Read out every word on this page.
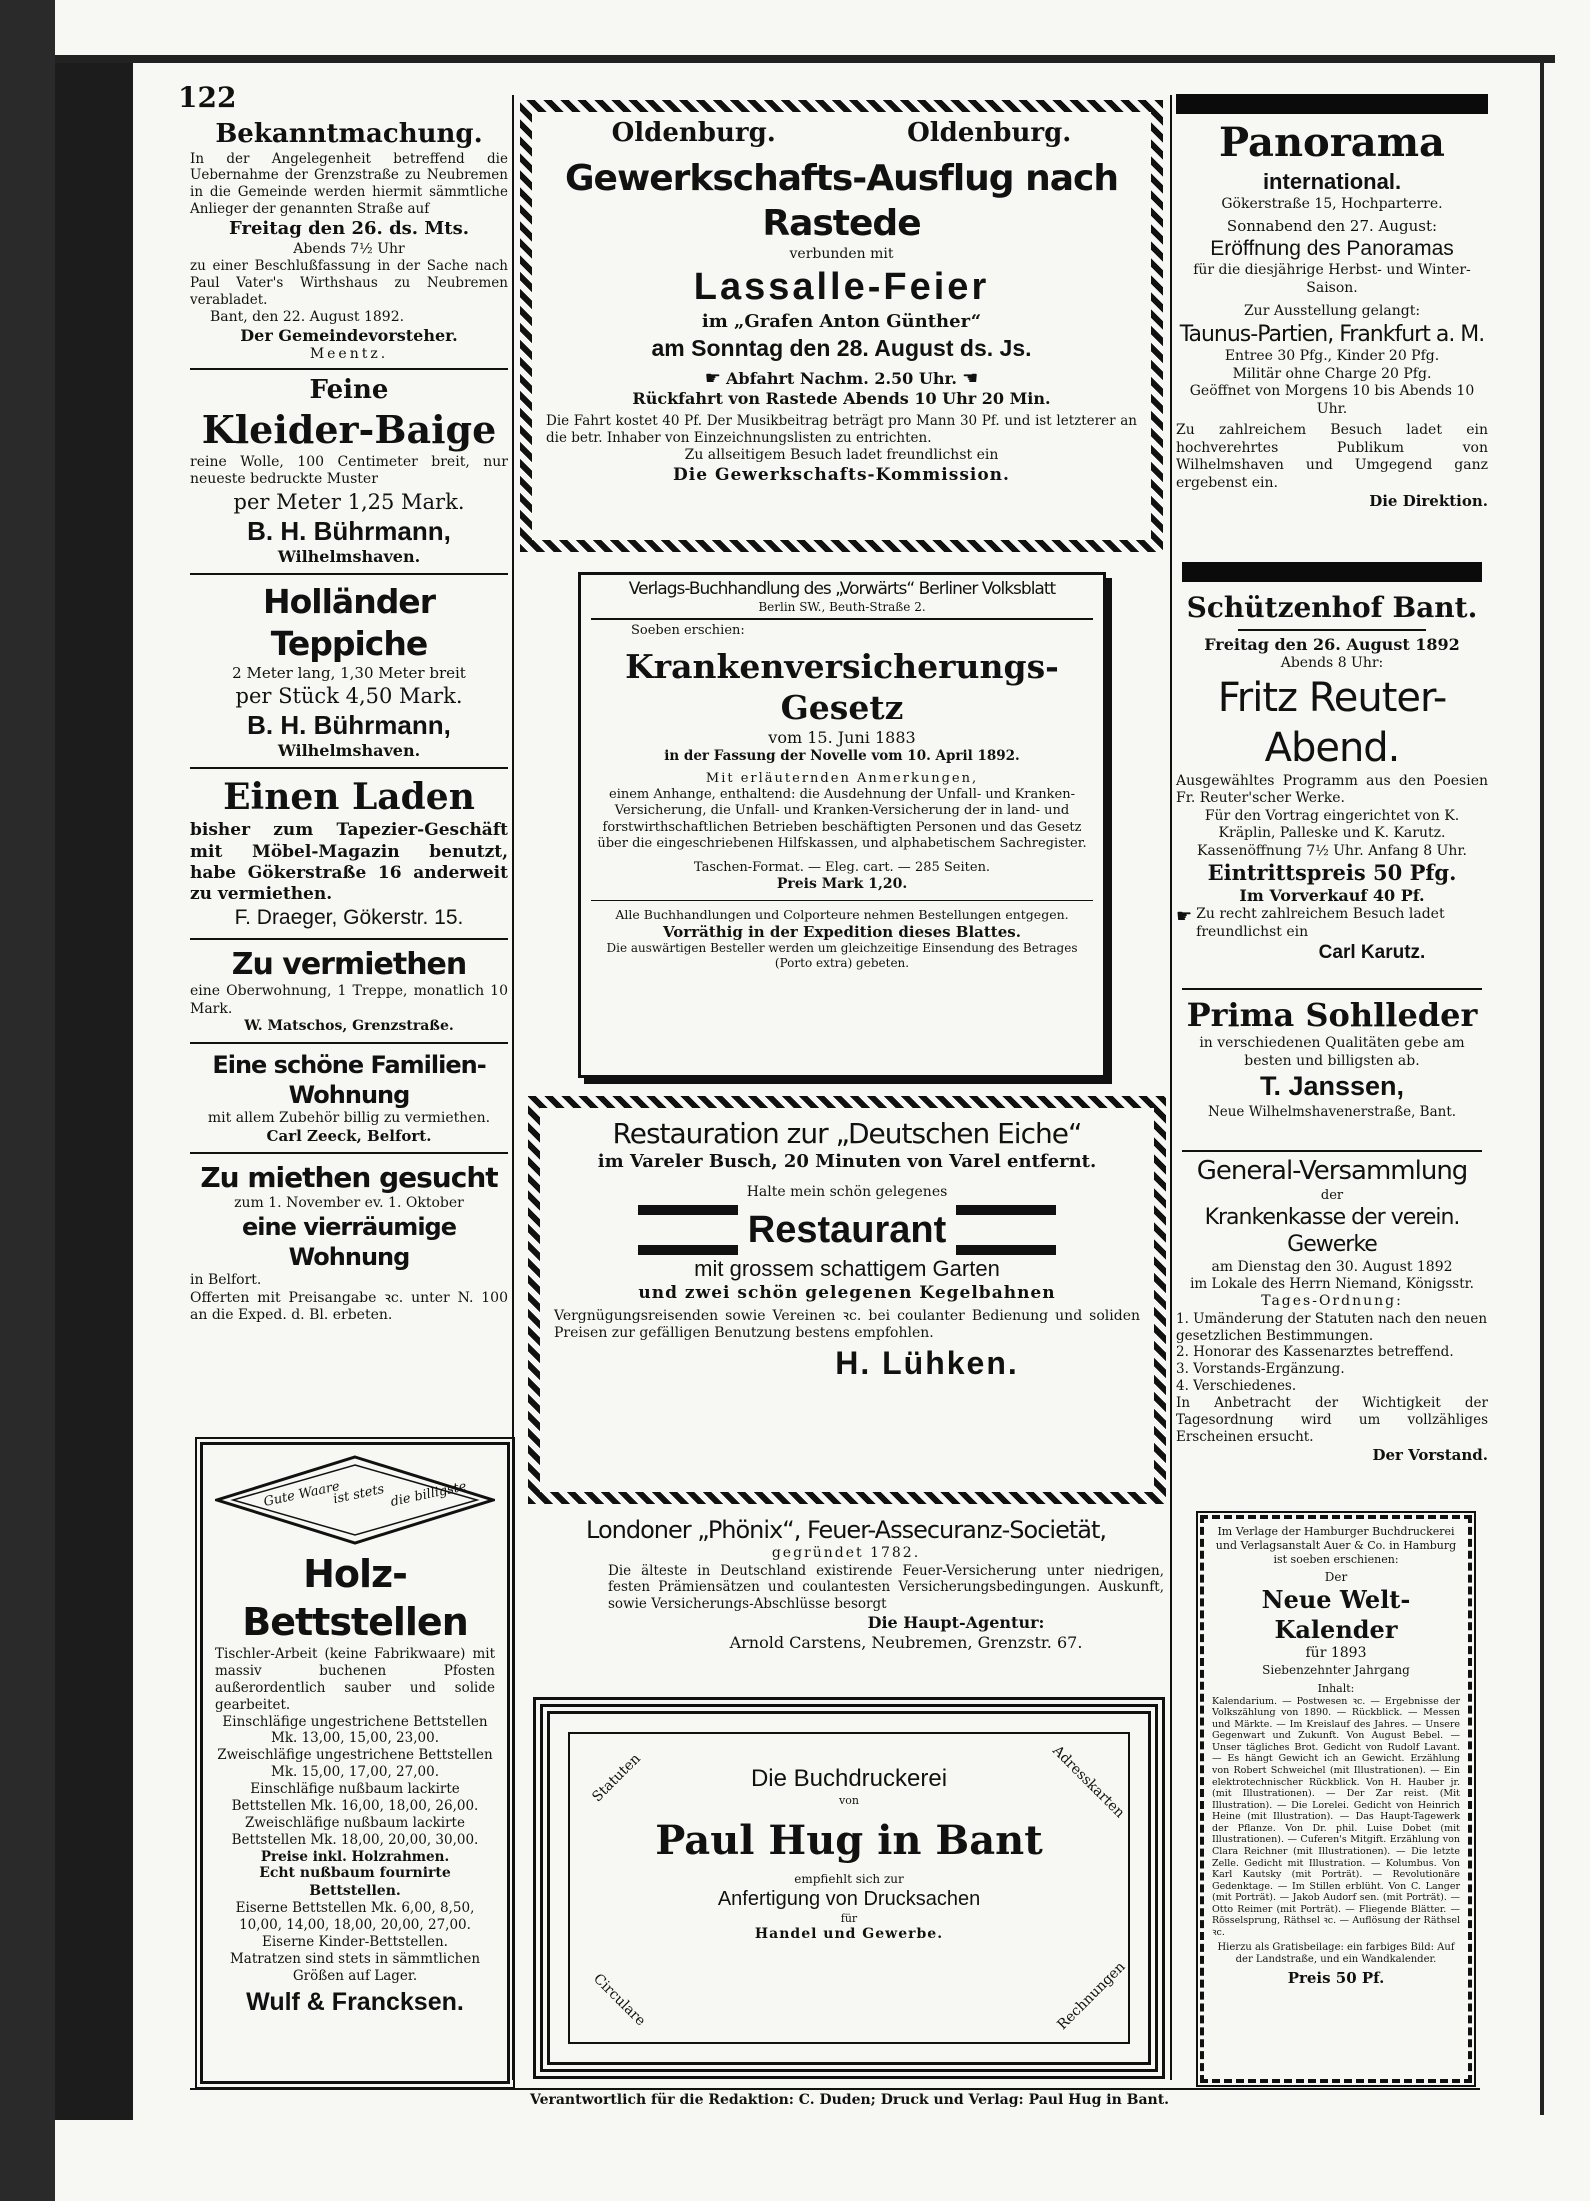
122

Bekanntmachung.

In der Angelegenheit betreffend die Uebernahme der Grenzstraße zu Neubremen in die Gemeinde werden hiermit sämmtliche Anlieger der genannten Straße auf

Freitag den 26. ds. Mts.

Abends 7½ Uhr

zu einer Beschlußfassung in der Sache nach Paul Vater's Wirthshaus zu Neubremen verabladet.

Bant, den 22. August 1892.

Der Gemeindevorsteher.

Meentz.

Feine

Kleider-Baige

reine Wolle, 100 Centimeter breit, nur neueste bedruckte Muster

per Meter 1,25 Mark.

B. H. Bührmann,

Wilhelmshaven.

Holländer Teppiche

2 Meter lang, 1,30 Meter breit

per Stück 4,50 Mark.

B. H. Bührmann,

Wilhelmshaven.

Einen Laden

bisher zum Tapezier-Geschäft mit Möbel-Magazin benutzt, habe Gökerstraße 16 anderweit zu vermiethen.

F. Draeger, Gökerstr. 15.

Zu vermiethen

eine Oberwohnung, 1 Treppe, monatlich 10 Mark.

W. Matschos, Grenzstraße.

Eine schöne Familien-Wohnung

mit allem Zubehör billig zu vermiethen.

Carl Zeeck, Belfort.

Zu miethen gesucht

zum 1. November ev. 1. Oktober

eine vierräumige Wohnung

in Belfort.

Offerten mit Preisangabe ꝛc. unter N. 100 an die Exped. d. Bl. erbeten.

Gute Waare
ist stets die billigste

Holz-Bettstellen

Tischler-Arbeit (keine Fabrikwaare) mit massiv buchenen Pfosten außerordentlich sauber und solide gearbeitet.

Einschläfige ungestrichene Bettstellen Mk. 13,00, 15,00, 23,00.

Zweischläfige ungestrichene Bettstellen Mk. 15,00, 17,00, 27,00.

Einschläfige nußbaum lackirte Bettstellen Mk. 16,00, 18,00, 26,00.

Zweischläfige nußbaum lackirte Bettstellen Mk. 18,00, 20,00, 30,00.

Preise inkl. Holzrahmen.

Echt nußbaum fournirte Bettstellen.

Eiserne Bettstellen Mk. 6,00, 8,50, 10,00, 14,00, 18,00, 20,00, 27,00.

Eiserne Kinder-Bettstellen.

Matratzen sind stets in sämmtlichen Größen auf Lager.

Wulf & Francksen.

Oldenburg.	Oldenburg.

Gewerkschafts-Ausflug nach Rastede

verbunden mit

Lassalle-Feier

im „Grafen Anton Günther“

am Sonntag den 28. August ds. Js.

☛ Abfahrt Nachm. 2.50 Uhr. ☚

Rückfahrt von Rastede Abends 10 Uhr 20 Min.

Die Fahrt kostet 40 Pf. Der Musikbeitrag beträgt pro Mann 30 Pf. und ist letzterer an die betr. Inhaber von Einzeichnungslisten zu entrichten.

Zu allseitigem Besuch ladet freundlichst ein

Die Gewerkschafts-Kommission.

Verlags-Buchhandlung des „Vorwärts“ Berliner Volksblatt

Berlin SW., Beuth-Straße 2.

Soeben erschien:

Krankenversicherungs-Gesetz

vom 15. Juni 1883

in der Fassung der Novelle vom 10. April 1892.

Mit erläuternden Anmerkungen,

einem Anhange, enthaltend: die Ausdehnung der Unfall- und Kranken-Versicherung, die Unfall- und Kranken-Versicherung der in land- und forstwirthschaftlichen Betrieben beschäftigten Personen und das Gesetz über die eingeschriebenen Hilfskassen, und alphabetischem Sachregister.

Taschen-Format. — Eleg. cart. — 285 Seiten.

Preis Mark 1,20.

Alle Buchhandlungen und Colporteure nehmen Bestellungen entgegen.

Vorräthig in der Expedition dieses Blattes.

Die auswärtigen Besteller werden um gleichzeitige Einsendung des Betrages (Porto extra) gebeten.

Restauration zur „Deutschen Eiche“

im Vareler Busch, 20 Minuten von Varel entfernt.

Halte mein schön gelegenes

Restaurant

mit grossem schattigem Garten

und zwei schön gelegenen Kegelbahnen

Vergnügungsreisenden sowie Vereinen ꝛc. bei coulanter Bedienung und soliden Preisen zur gefälligen Benutzung bestens empfohlen.

H. Lühken.

Londoner „Phönix“, Feuer-Assecuranz-Societät,

gegründet 1782.

Die älteste in Deutschland existirende Feuer-Versicherung unter niedrigen, festen Prämiensätzen und coulantesten Versicherungsbedingungen. Auskunft, sowie Versicherungs-Abschlüsse besorgt

Die Haupt-Agentur:

Arnold Carstens, Neubremen, Grenzstr. 67.

Statuten	Adresskarten
Circulare	Rechnungen

Die Buchdruckerei

von

Paul Hug in Bant

empfiehlt sich zur

Anfertigung von Drucksachen

für

Handel und Gewerbe.

Panorama

international.

Gökerstraße 15, Hochparterre.

Sonnabend den 27. August:

Eröffnung des Panoramas

für die diesjährige Herbst- und Winter-Saison.

Zur Ausstellung gelangt:

Taunus-Partien, Frankfurt a. M.

Entree 30 Pfg., Kinder 20 Pfg.

Militär ohne Charge 20 Pfg.

Geöffnet von Morgens 10 bis Abends 10 Uhr.

Zu zahlreichem Besuch ladet ein hochverehrtes Publikum von Wilhelmshaven und Umgegend ganz ergebenst ein.

Die Direktion.

Schützenhof Bant.

Freitag den 26. August 1892

Abends 8 Uhr:

Fritz Reuter-Abend.

Ausgewähltes Programm aus den Poesien Fr. Reuter'scher Werke.

Für den Vortrag eingerichtet von K. Kräplin, Palleske und K. Karutz.

Kassenöffnung 7½ Uhr. Anfang 8 Uhr.

Eintrittspreis 50 Pfg.

Im Vorverkauf 40 Pf.

☛ Zu recht zahlreichem Besuch ladet freundlichst ein

Carl Karutz.

Prima Sohlleder

in verschiedenen Qualitäten gebe am besten und billigsten ab.

T. Janssen,

Neue Wilhelmshavenerstraße, Bant.

General-Versammlung

der

Krankenkasse der verein. Gewerke

am Dienstag den 30. August 1892

im Lokale des Herrn Niemand, Königsstr.

Tages-Ordnung:

1. Umänderung der Statuten nach den neuen gesetzlichen Bestimmungen.

2. Honorar des Kassenarztes betreffend.

3. Vorstands-Ergänzung.

4. Verschiedenes.

In Anbetracht der Wichtigkeit der Tagesordnung wird um vollzähliges Erscheinen ersucht.

Der Vorstand.

Im Verlage der Hamburger Buchdruckerei und Verlagsanstalt Auer & Co. in Hamburg ist soeben erschienen:

Der

Neue Welt-Kalender

für 1893

Siebenzehnter Jahrgang

Inhalt:

Kalendarium. — Postwesen ꝛc. — Ergebnisse der Volkszählung von 1890. — Rückblick. — Messen und Märkte. — Im Kreislauf des Jahres. — Unsere Gegenwart und Zukunft. Von August Bebel. — Unser tägliches Brot. Gedicht von Rudolf Lavant. — Es hängt Gewicht ich an Gewicht. Erzählung von Robert Schweichel (mit Illustrationen). — Ein elektrotechnischer Rückblick. Von H. Hauber jr. (mit Illustrationen). — Der Zar reist. (Mit Illustration). — Die Lorelei. Gedicht von Heinrich Heine (mit Illustration). — Das Haupt-Tagewerk der Pflanze. Von Dr. phil. Luise Dobet (mit Illustrationen). — Cuferen's Mitgift. Erzählung von Clara Reichner (mit Illustrationen). — Die letzte Zelle. Gedicht mit Illustration. — Kolumbus. Von Karl Kautsky (mit Porträt). — Revolutionäre Gedenktage. — Im Stillen erblüht. Von C. Langer (mit Porträt). — Jakob Audorf sen. (mit Porträt). — Otto Reimer (mit Porträt). — Fliegende Blätter. — Rösselsprung, Räthsel ꝛc. — Auflösung der Räthsel ꝛc.

Hierzu als Gratisbeilage: ein farbiges Bild: Auf der Landstraße, und ein Wandkalender.

Preis 50 Pf.

Verantwortlich für die Redaktion: C. Duden; Druck und Verlag: Paul Hug in Bant.
